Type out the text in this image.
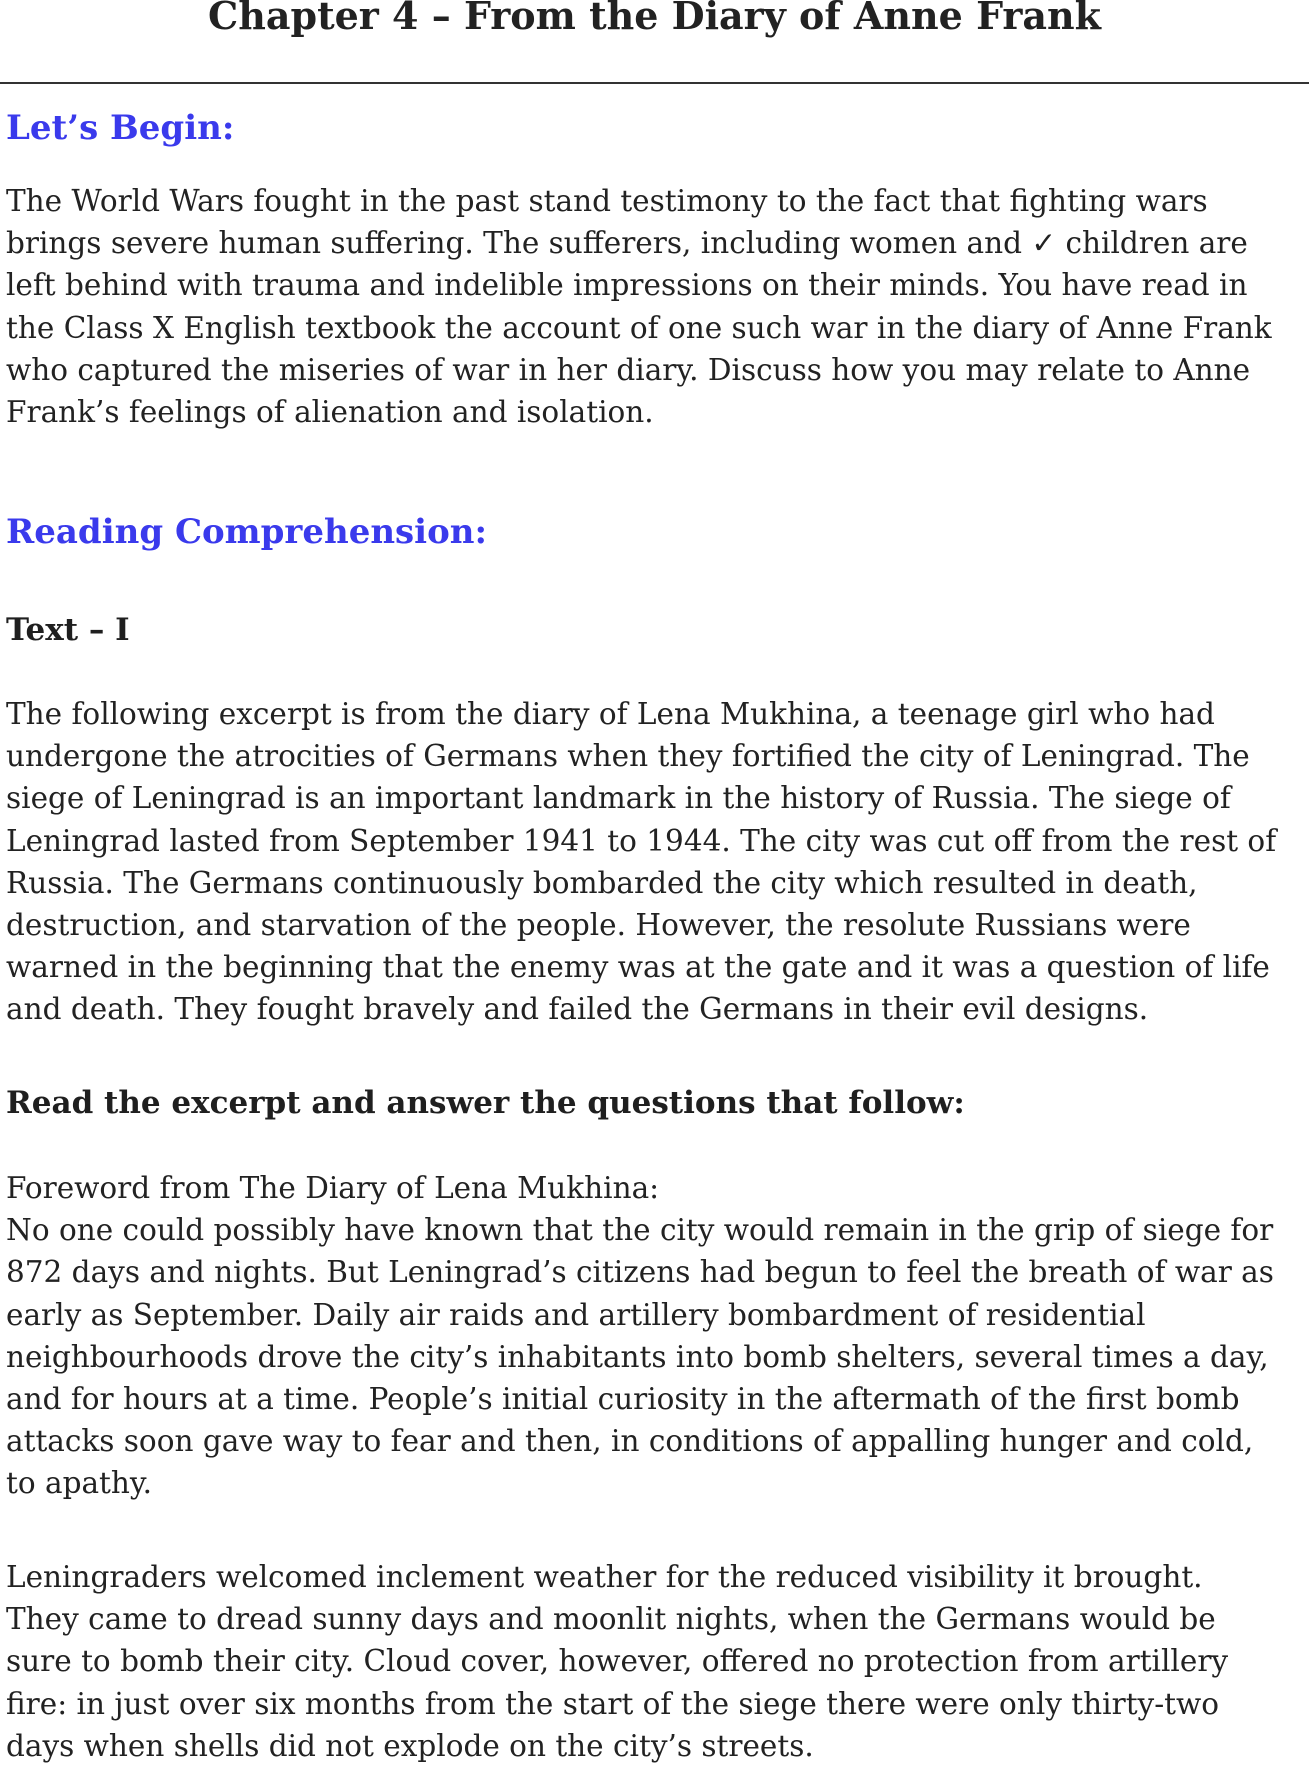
Chapter 4 – From the Diary of Anne Frank
Let’s Begin:
The World Wars fought in the past stand testimony to the fact that fighting wars
brings severe human suffering. The sufferers, including women and ✓ children are
left behind with trauma and indelible impressions on their minds. You have read in
the Class X English textbook the account of one such war in the diary of Anne Frank
who captured the miseries of war in her diary. Discuss how you may relate to Anne
Frank’s feelings of alienation and isolation.
Reading Comprehension:
Text – I
The following excerpt is from the diary of Lena Mukhina, a teenage girl who had
undergone the atrocities of Germans when they fortified the city of Leningrad. The
siege of Leningrad is an important landmark in the history of Russia. The siege of
Leningrad lasted from September 1941 to 1944. The city was cut off from the rest of
Russia. The Germans continuously bombarded the city which resulted in death,
destruction, and starvation of the people. However, the resolute Russians were
warned in the beginning that the enemy was at the gate and it was a question of life
and death. They fought bravely and failed the Germans in their evil designs.
Read the excerpt and answer the questions that follow:
Foreword from The Diary of Lena Mukhina:
No one could possibly have known that the city would remain in the grip of siege for
872 days and nights. But Leningrad’s citizens had begun to feel the breath of war as
early as September. Daily air raids and artillery bombardment of residential
neighbourhoods drove the city’s inhabitants into bomb shelters, several times a day,
and for hours at a time. People’s initial curiosity in the aftermath of the first bomb
attacks soon gave way to fear and then, in conditions of appalling hunger and cold,
to apathy.
Leningraders welcomed inclement weather for the reduced visibility it brought.
They came to dread sunny days and moonlit nights, when the Germans would be
sure to bomb their city. Cloud cover, however, offered no protection from artillery
fire: in just over six months from the start of the siege there were only thirty-two
days when shells did not explode on the city’s streets.
